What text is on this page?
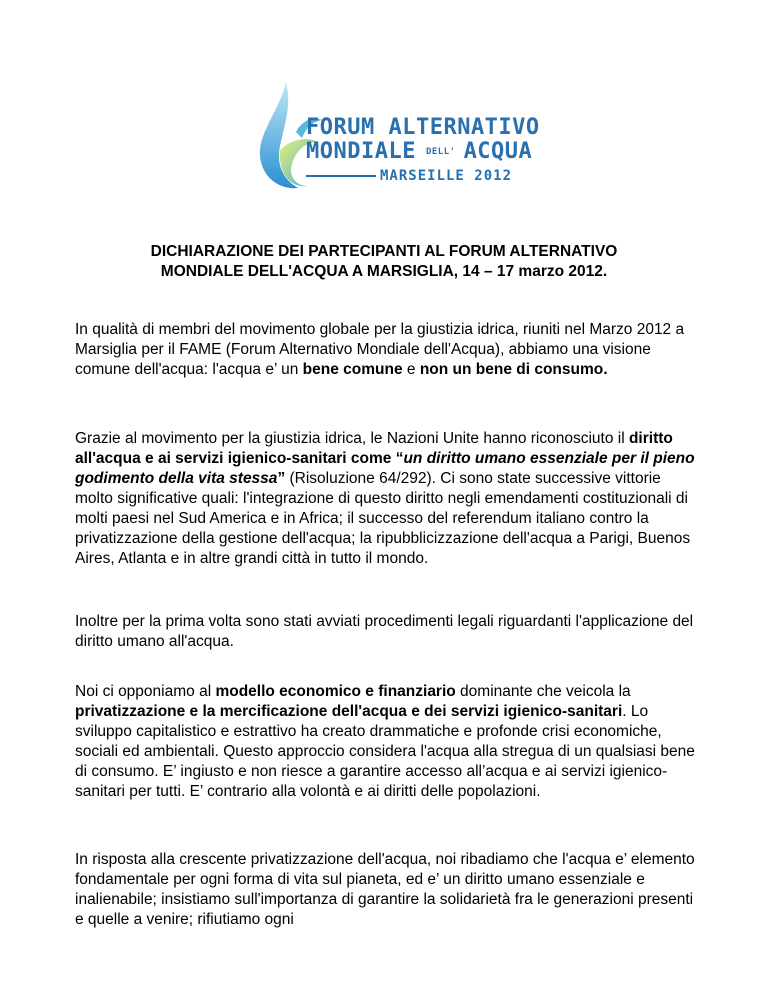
FORUM ALTERNATIVO
MONDIALE DELL' ACQUA
MARSEILLE 2012
DICHIARAZIONE DEI PARTECIPANTI AL FORUM ALTERNATIVO
MONDIALE DELL'ACQUA A MARSIGLIA, 14 – 17 marzo 2012.
In qualità di membri del movimento globale per la giustizia idrica, riuniti nel Marzo 2012 a Marsiglia per il FAME (Forum Alternativo Mondiale dell'Acqua), abbiamo una visione comune dell'acqua: l'acqua e’ un bene comune e non un bene di consumo.
Grazie al movimento per la giustizia idrica, le Nazioni Unite hanno riconosciuto il diritto all'acqua e ai servizi igienico-sanitari come “un diritto umano essenziale per il pieno godimento della vita stessa” (Risoluzione 64/292). Ci sono state successive vittorie molto significative quali: l'integrazione di questo diritto negli emendamenti costituzionali di molti paesi nel Sud America e in Africa; il successo del referendum italiano contro la privatizzazione della gestione dell'acqua; la ripubblicizzazione dell'acqua a Parigi, Buenos Aires, Atlanta e in altre grandi città in tutto il mondo.
Inoltre per la prima volta sono stati avviati procedimenti legali riguardanti l'applicazione del diritto umano all'acqua.
Noi ci opponiamo al modello economico e finanziario dominante che veicola la privatizzazione e la mercificazione dell'acqua e dei servizi igienico-sanitari. Lo sviluppo capitalistico e estrattivo ha creato drammatiche e profonde crisi economiche, sociali ed ambientali. Questo approccio considera l'acqua alla stregua di un qualsiasi bene di consumo. E’ ingiusto e non riesce a garantire accesso all’acqua e ai servizi igienico-sanitari per tutti. E’ contrario alla volontà e ai diritti delle popolazioni.
In risposta alla crescente privatizzazione dell'acqua, noi ribadiamo che l'acqua e’ elemento fondamentale per ogni forma di vita sul pianeta, ed e’ un diritto umano essenziale e inalienabile; insistiamo sull'importanza di garantire la solidarietà fra le generazioni presenti e quelle a venire; rifiutiamo ogni
